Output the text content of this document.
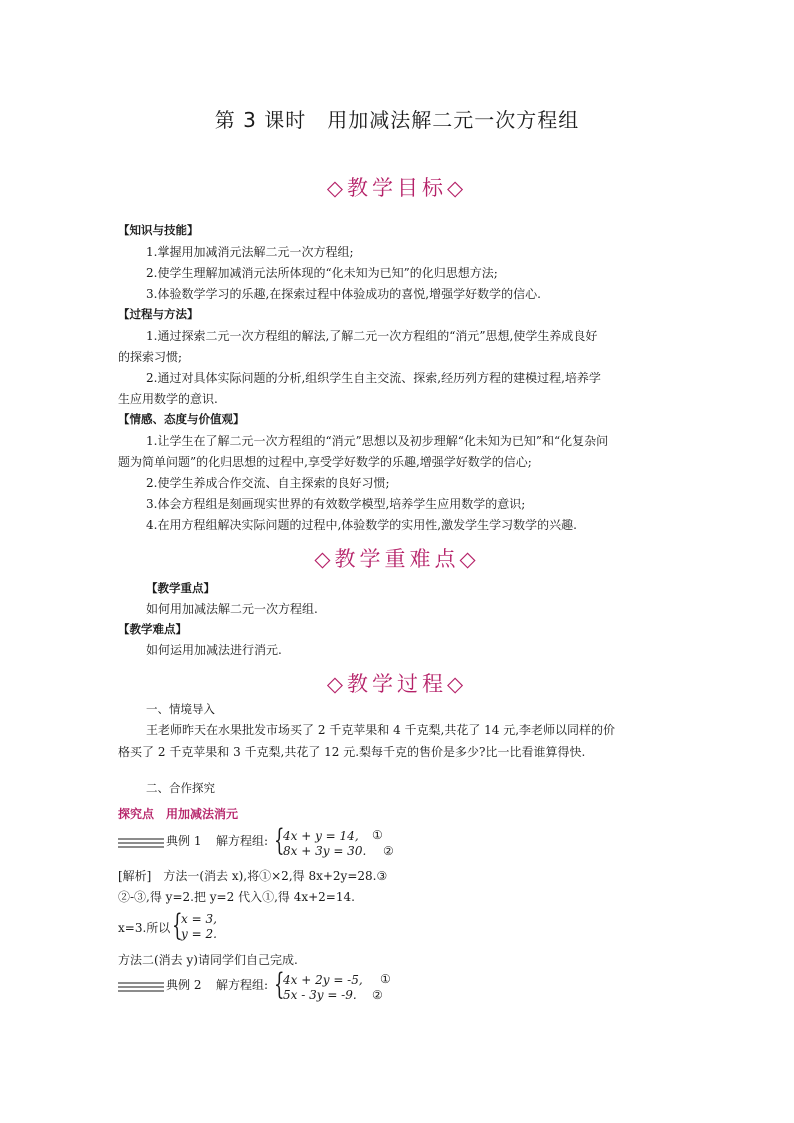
第 3 课时　用加减法解二元一次方程组
◇教学目标◇
【知识与技能】
1.掌握用加减消元法解二元一次方程组;
2.使学生理解加减消元法所体现的“化未知为已知”的化归思想方法;
3.体验数学学习的乐趣,在探索过程中体验成功的喜悦,增强学好数学的信心.
【过程与方法】
1.通过探索二元一次方程组的解法,了解二元一次方程组的“消元”思想,使学生养成良好
的探索习惯;
2.通过对具体实际问题的分析,组织学生自主交流、探索,经历列方程的建模过程,培养学
生应用数学的意识.
【情感、态度与价值观】
1.让学生在了解二元一次方程组的“消元”思想以及初步理解“化未知为已知”和“化复杂问
题为简单问题”的化归思想的过程中,享受学好数学的乐趣,增强学好数学的信心;
2.使学生养成合作交流、自主探索的良好习惯;
3.体会方程组是刻画现实世界的有效数学模型,培养学生应用数学的意识;
4.在用方程组解决实际问题的过程中,体验数学的实用性,激发学生学习数学的兴趣.
◇教学重难点◇
【教学重点】
如何用加减法解二元一次方程组.
【教学难点】
如何运用加减法进行消元.
◇教学过程◇
一、情境导入
王老师昨天在水果批发市场买了 2 千克苹果和 4 千克梨,共花了 14 元,李老师以同样的价
格买了 2 千克苹果和 3 千克梨,共花了 12 元.梨每千克的售价是多少?比一比看谁算得快.
二、合作探究
探究点　用加减法消元
典例 1 解方程组: {
4x + y = 14,
8x + 3y = 30.
①
②
[解析]　方法一(消去 x),将①×2,得 8x+2y=28.③
②-③,得 y=2.把 y=2 代入①,得 4x+2=14.
x=3.所以 {
x = 3,
y = 2.
方法二(消去 y)请同学们自己完成.
典例 2 解方程组: {
4x + 2y = -5,
5x - 3y = -9.
①
②
